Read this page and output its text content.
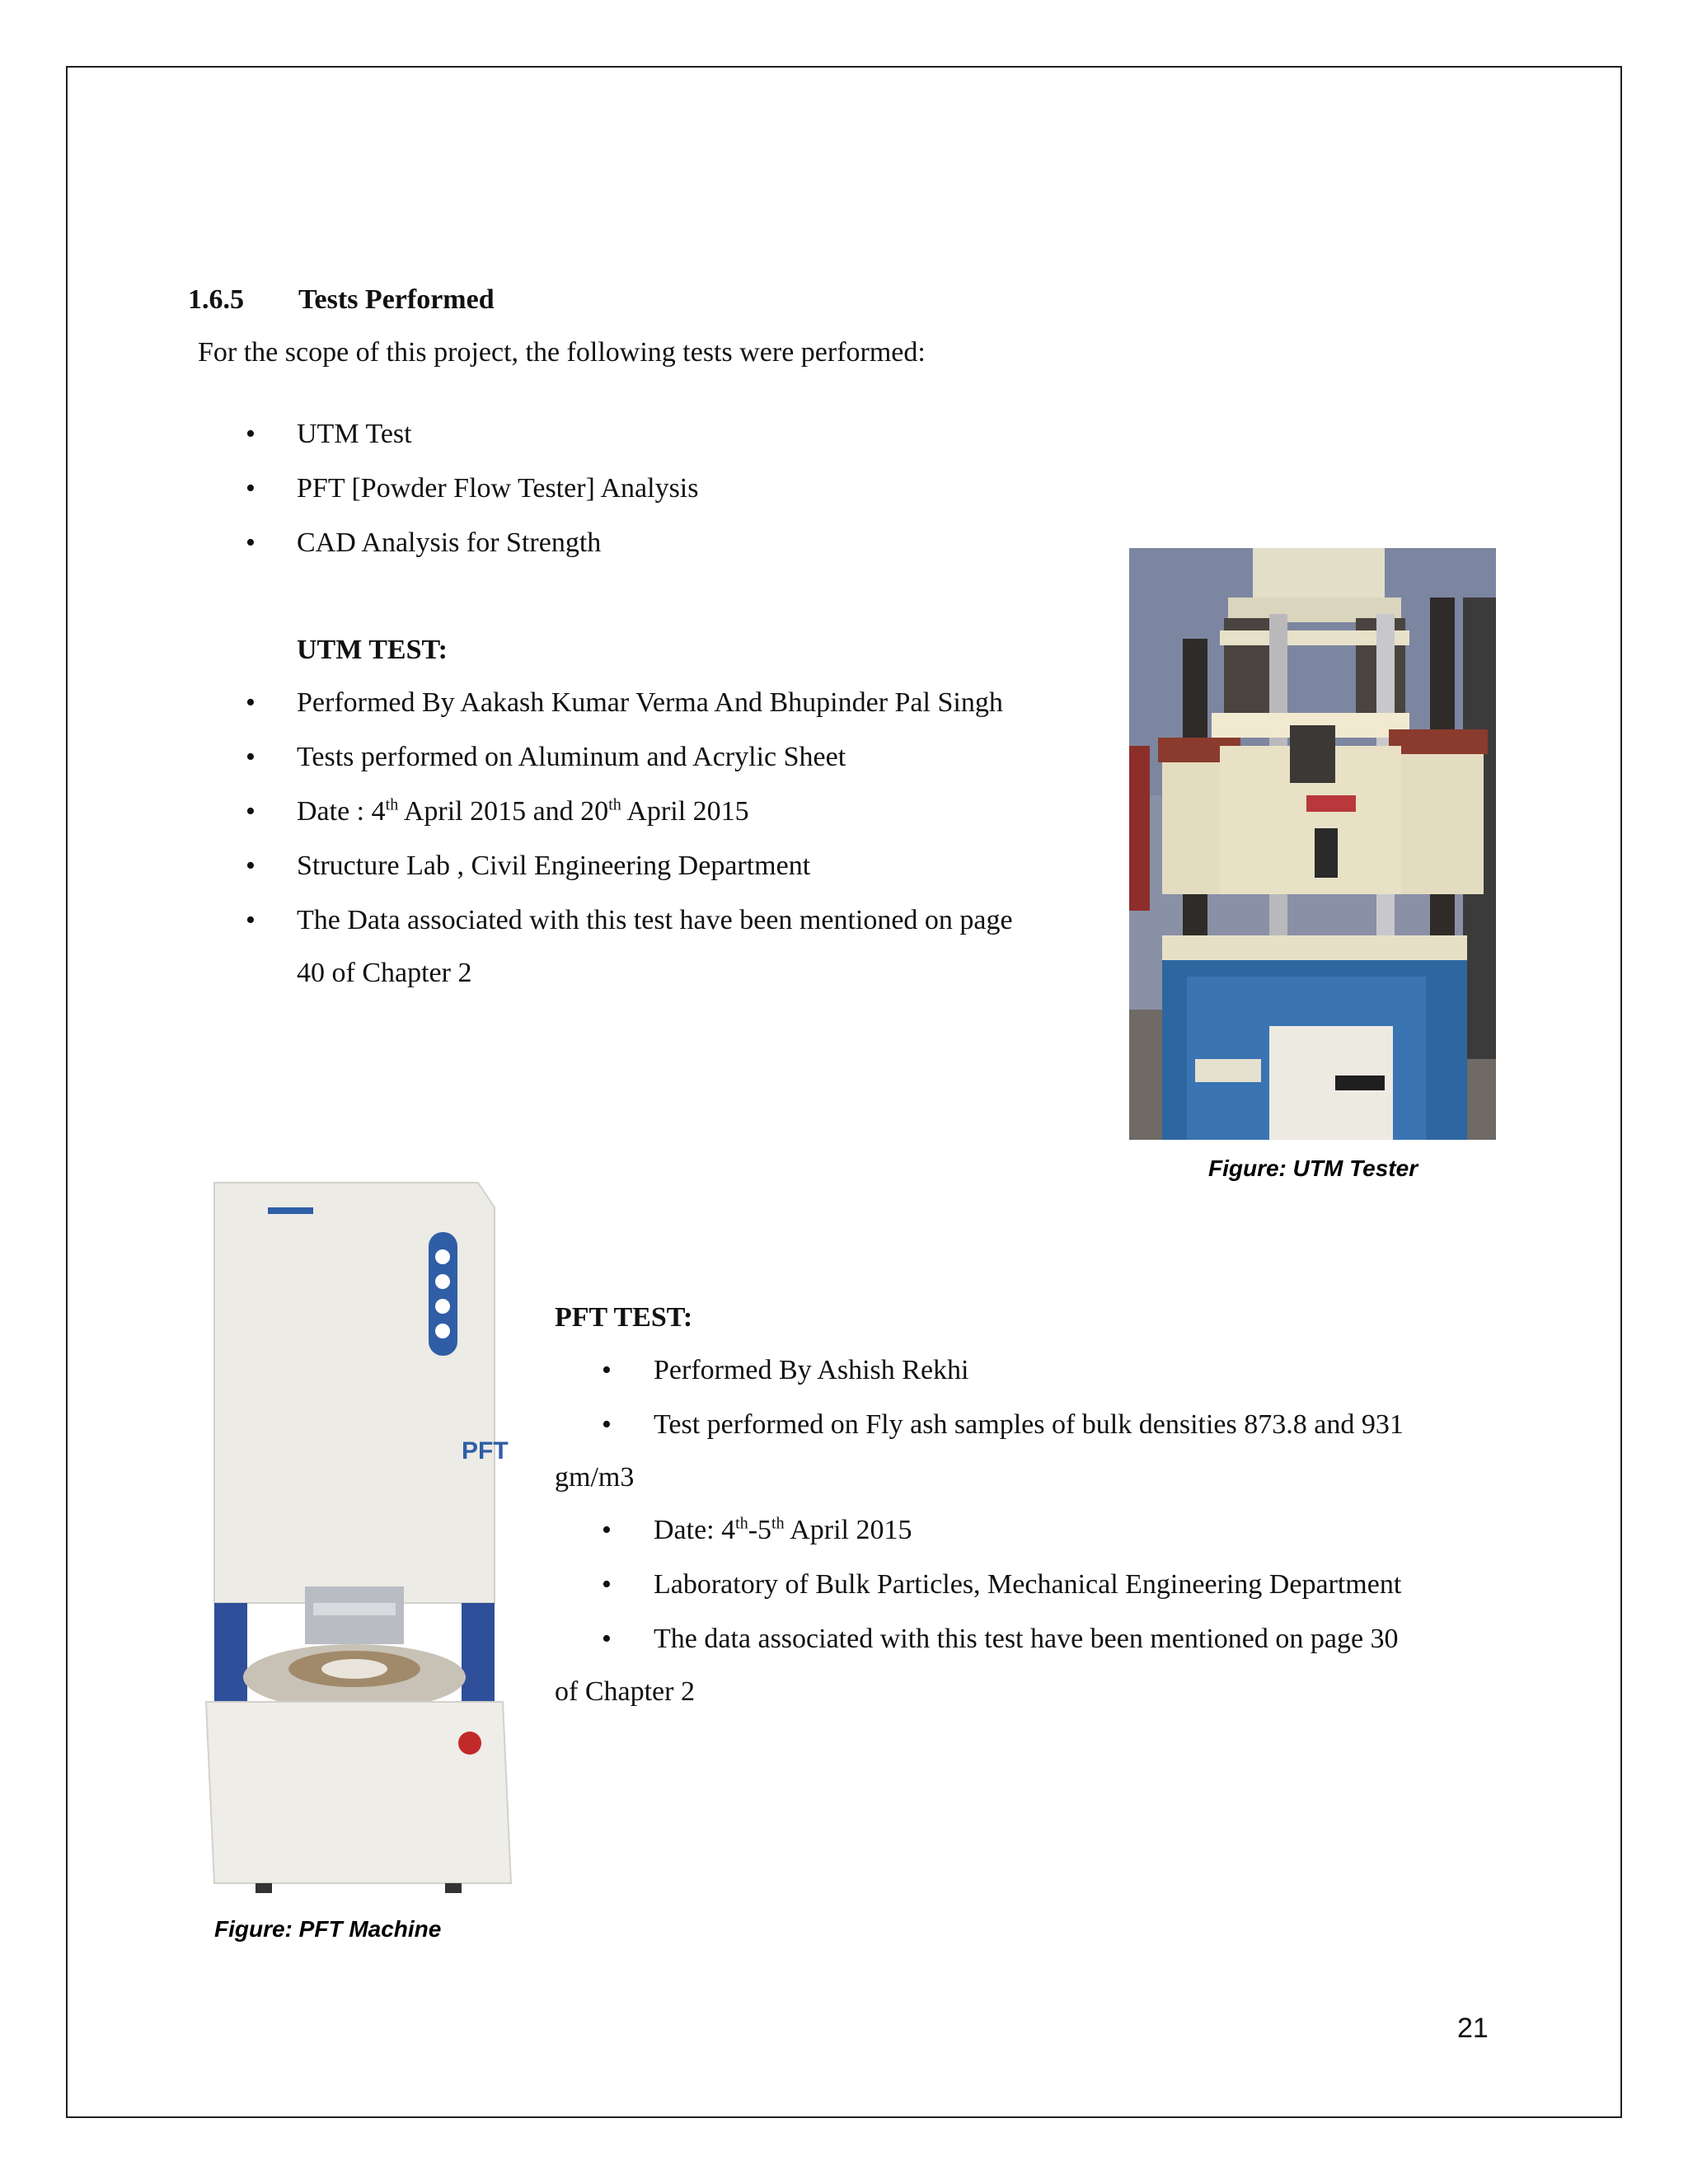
1.6.5 Tests Performed
For the scope of this project, the following tests were performed:
• UTM Test
• PFT [Powder Flow Tester] Analysis
• CAD Analysis for Strength
UTM TEST:
• Performed By Aakash Kumar Verma And Bhupinder Pal Singh
• Tests performed on Aluminum and Acrylic Sheet
• Date : 4th April 2015 and 20th April 2015
• Structure Lab , Civil Engineering Department
• The Data associated with this test have been mentioned on page
40 of Chapter 2
Figure: UTM Tester
PFT
Figure: PFT Machine
PFT TEST:
• Performed By Ashish Rekhi
• Test performed on Fly ash samples of bulk densities 873.8 and 931
gm/m3
• Date: 4th-5th April 2015
• Laboratory of Bulk Particles, Mechanical Engineering Department
• The data associated with this test have been mentioned on page 30
of Chapter 2
21
